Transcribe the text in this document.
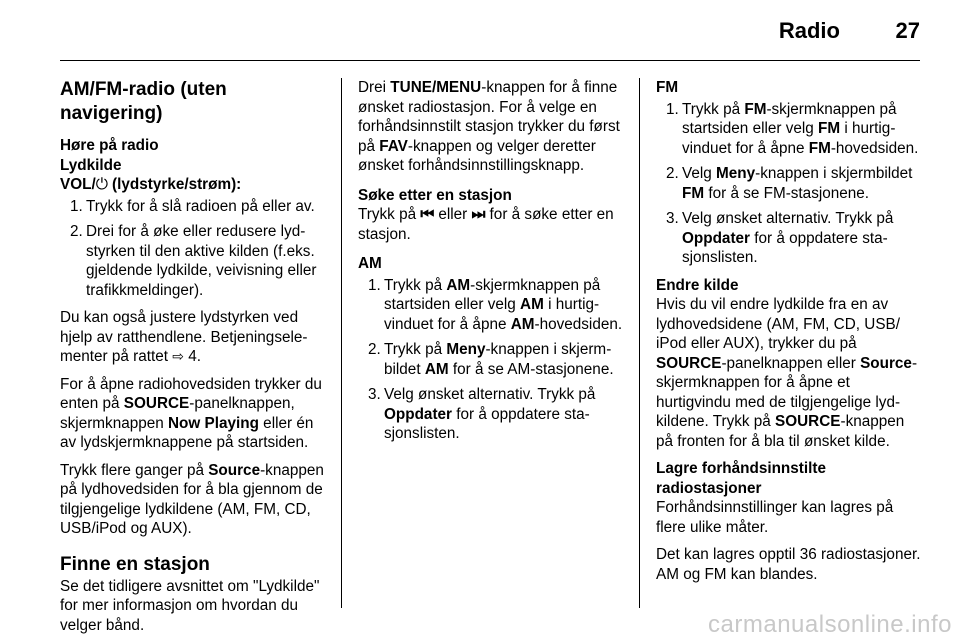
Radio	27
AM/FM-radio (uten navigering)
Høre på radio
Lydkilde
VOL/⏻ (lydstyrke/strøm):
1. Trykk for å slå radioen på eller av.
2. Drei for å øke eller redusere lydstyrken til den aktive kilden (f.eks. gjeldende lydkilde, veivisning eller trafikkmeldinger).

Du kan også justere lydstyrken ved hjelp av ratthendlene. Betjeningselementer på rattet ⇨ 4.

For å åpne radiohovedsiden trykker du enten på SOURCE-panelknappen, skjermknappen Now Playing eller én av lydskjermknappene på startsiden.

Trykk flere ganger på Source-knappen på lydhovedsiden for å bla gjennom de tilgjengelige lydkildene (AM, FM, CD, USB/iPod og AUX).

Finne en stasjon

Se det tidligere avsnittet om "Lydkilde" for mer informasjon om hvordan du velger bånd.

Drei TUNE/MENU-knappen for å finne ønsket radiostasjon. For å velge en forhåndsinnstilt stasjon trykker du først på FAV-knappen og velger deretter ønsket forhåndsinnstillingsknapp.

Søke etter en stasjon

Trykk på ⏮ eller ⏭ for å søke etter en stasjon.

AM
1. Trykk på AM-skjermknappen på startsiden eller velg AM i hurtigvinduet for å åpne AM-hovedsiden.
2. Trykk på Meny-knappen i skjermbildet AM for å se AM-stasjonene.
3. Velg ønsket alternativ. Trykk på Oppdater for å oppdatere stasjonslisten.
FM
1. Trykk på FM-skjermknappen på startsiden eller velg FM i hurtigvinduet for å åpne FM-hovedsiden.
2. Velg Meny-knappen i skjermbildet FM for å se FM-stasjonene.
3. Velg ønsket alternativ. Trykk på Oppdater for å oppdatere stasjonslisten.
Endre kilde

Hvis du vil endre lydkilde fra en av lydhovedsidene (AM, FM, CD, USB/ iPod eller AUX), trykker du på SOURCE-panelknappen eller Source-skjermknappen for å åpne et hurtigvindu med de tilgjengelige lydkildene. Trykk på SOURCE-knappen på fronten for å bla til ønsket kilde.

Lagre forhåndsinnstilte
radiostasjoner

Forhåndsinnstillinger kan lagres på flere ulike måter.

Det kan lagres opptil 36 radiostasjoner. AM og FM kan blandes.

carmanualsonline.info
